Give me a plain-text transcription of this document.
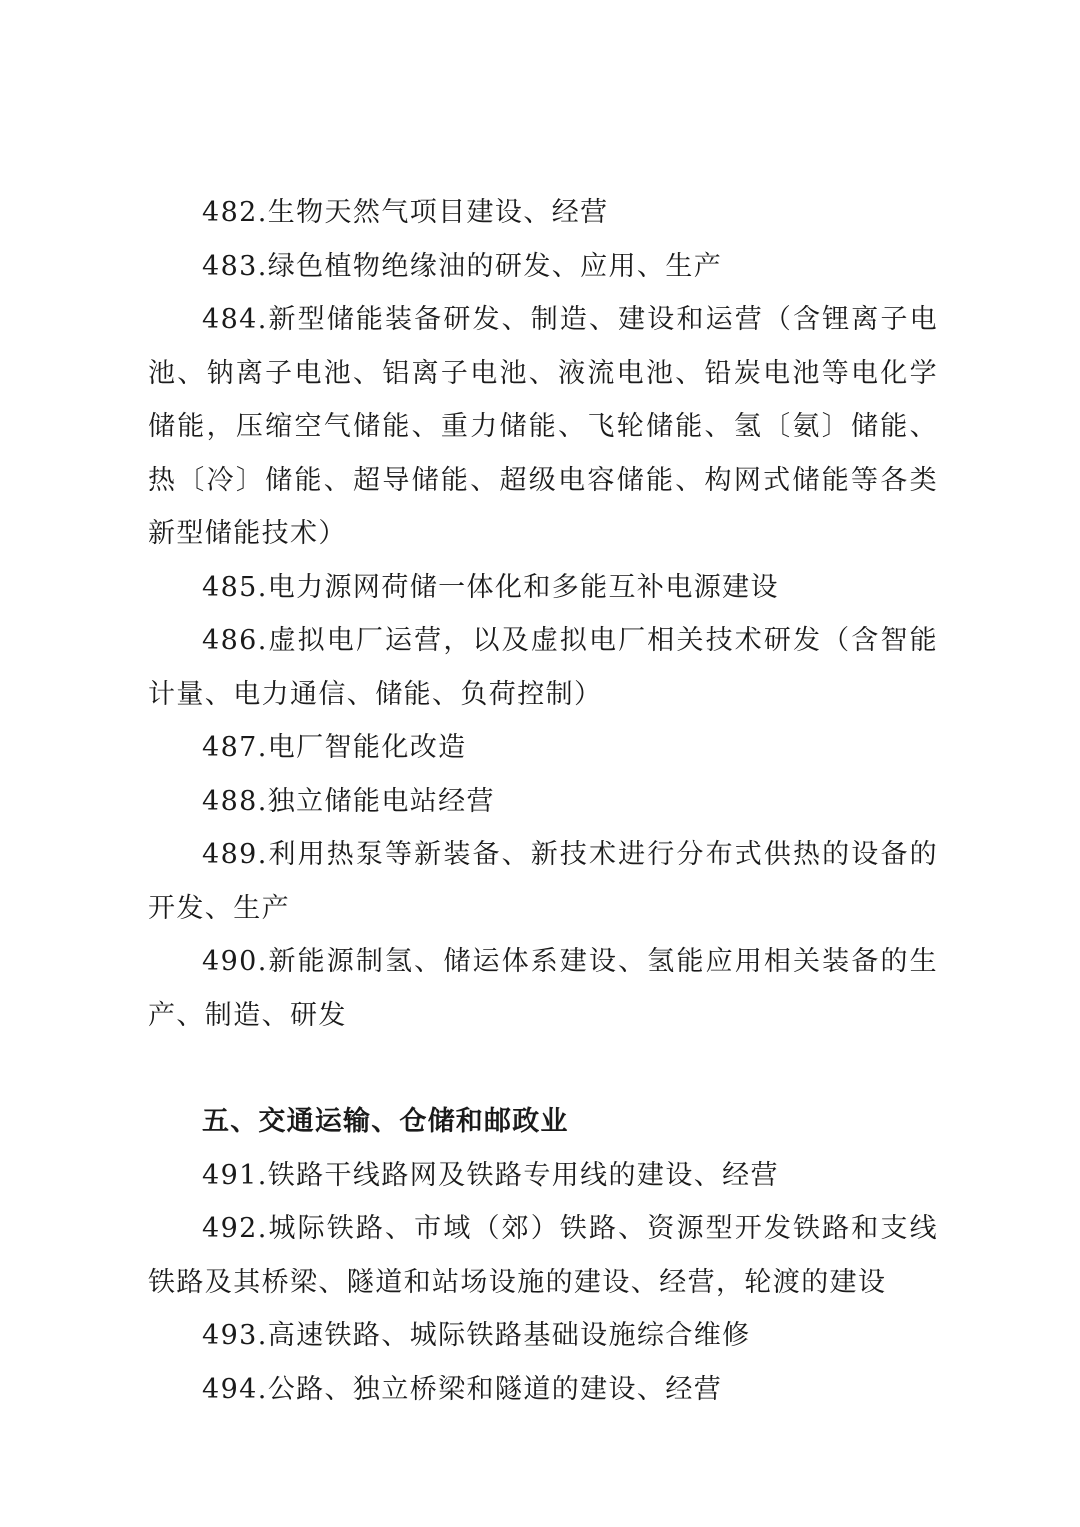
482.生物天然气项目建设、经营

483.绿色植物绝缘油的研发、应用、生产

484.新型储能装备研发、制造、建设和运营（含锂离子电池、钠离子电池、铝离子电池、液流电池、铅炭电池等电化学储能，压缩空气储能、重力储能、飞轮储能、氢〔氨〕储能、热〔冷〕储能、超导储能、超级电容储能、构网式储能等各类新型储能技术）

485.电力源网荷储一体化和多能互补电源建设

486.虚拟电厂运营，以及虚拟电厂相关技术研发（含智能计量、电力通信、储能、负荷控制）

487.电厂智能化改造

488.独立储能电站经营

489.利用热泵等新装备、新技术进行分布式供热的设备的开发、生产

490.新能源制氢、储运体系建设、氢能应用相关装备的生产、制造、研发

五、交通运输、仓储和邮政业

491.铁路干线路网及铁路专用线的建设、经营

492.城际铁路、市域（郊）铁路、资源型开发铁路和支线铁路及其桥梁、隧道和站场设施的建设、经营，轮渡的建设

493.高速铁路、城际铁路基础设施综合维修

494.公路、独立桥梁和隧道的建设、经营
